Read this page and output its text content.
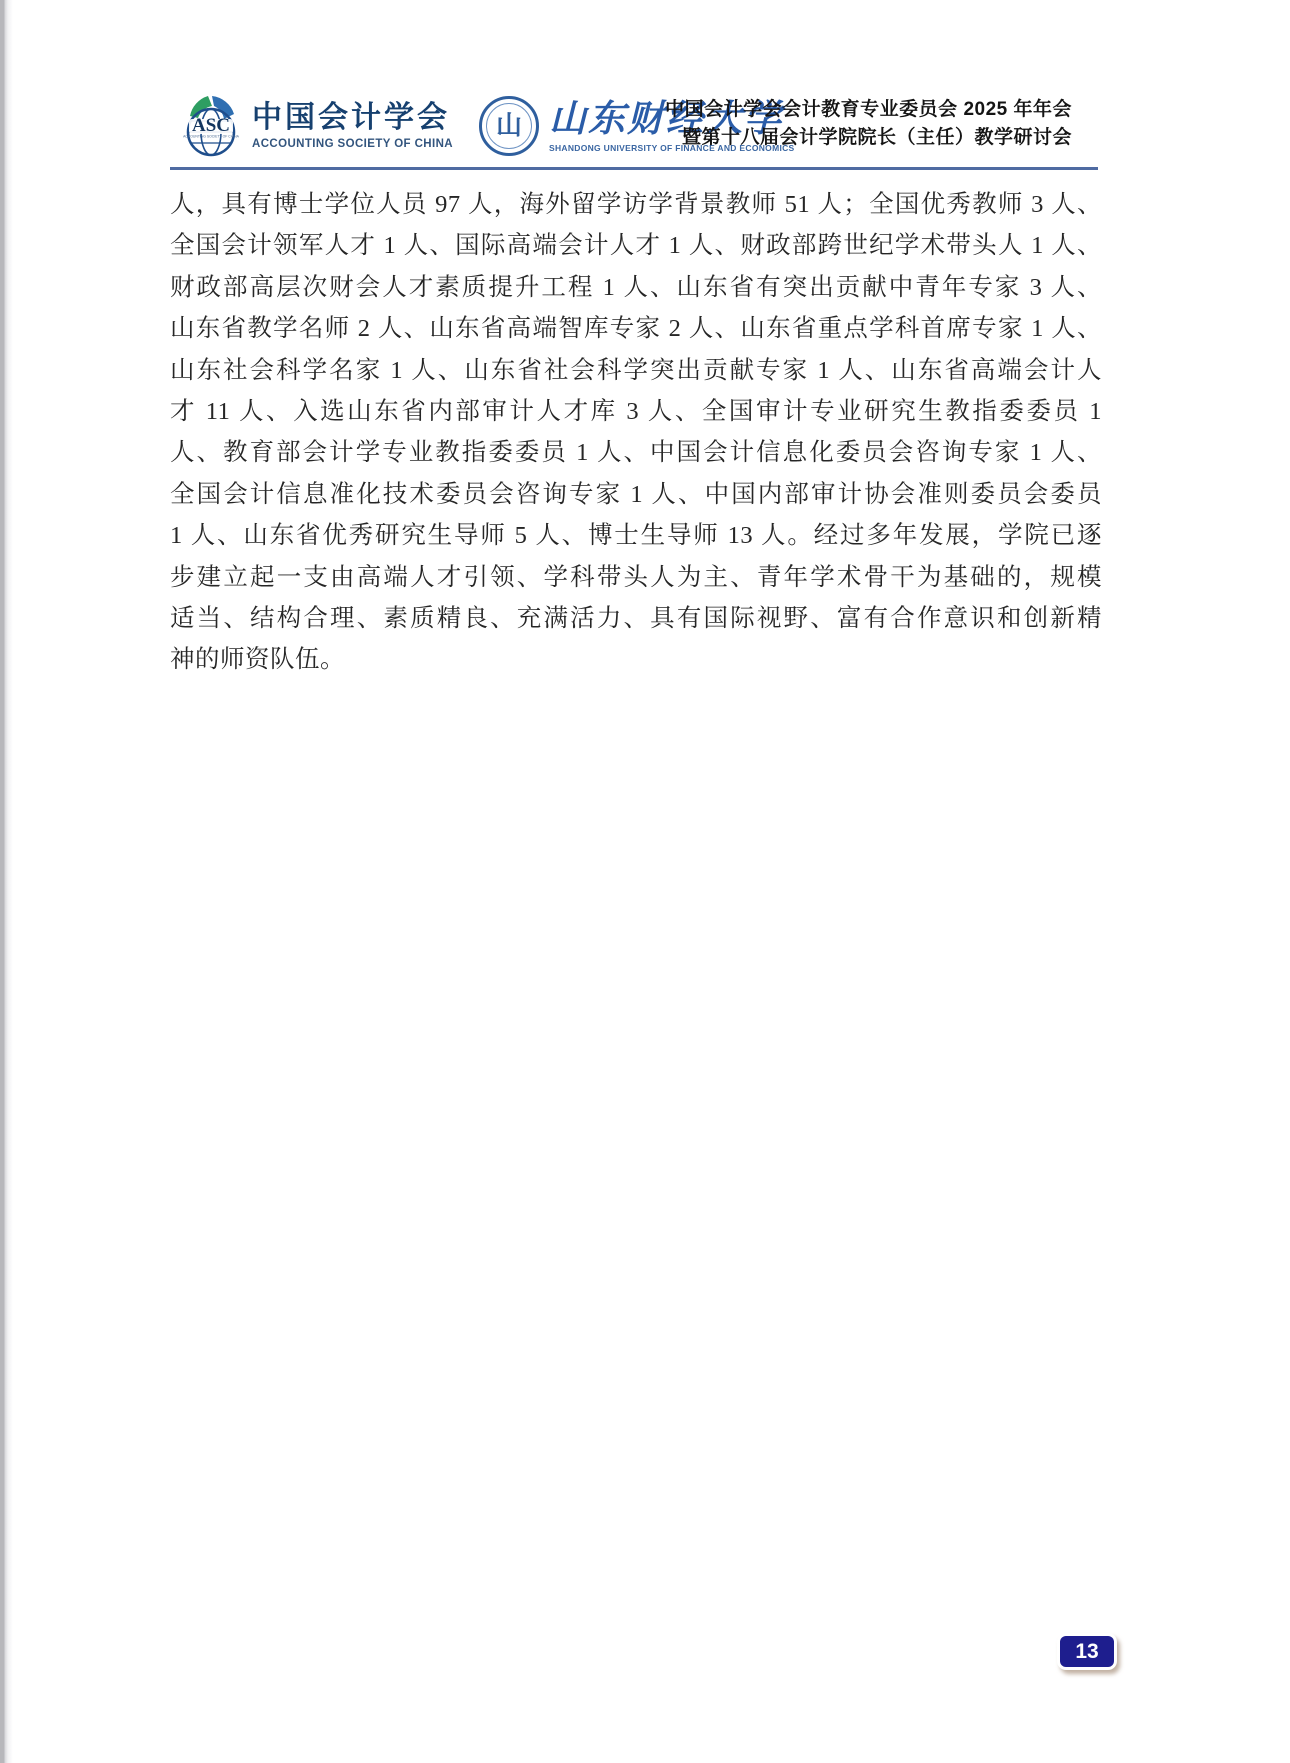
ASC
ACCOUNTING SOCIETY OF CHINA
中国会计学会
ACCOUNTING SOCIETY OF CHINA
山 山东财经大学
SHANDONG UNIVERSITY OF FINANCE AND ECONOMICS
中国会计学会会计教育专业委员会 2025 年年会
暨第十八届会计学院院长（主任）教学研讨会
人，具有博士学位人员 97 人，海外留学访学背景教师 51 人；全国优秀教师 3 人、
全国会计领军人才 1 人、国际高端会计人才 1 人、财政部跨世纪学术带头人 1 人、
财政部高层次财会人才素质提升工程 1 人、山东省有突出贡献中青年专家 3 人、
山东省教学名师 2 人、山东省高端智库专家 2 人、山东省重点学科首席专家 1 人、
山东社会科学名家 1 人、山东省社会科学突出贡献专家 1 人、山东省高端会计人
才 11 人、入选山东省内部审计人才库 3 人、全国审计专业研究生教指委委员 1
人、教育部会计学专业教指委委员 1 人、中国会计信息化委员会咨询专家 1 人、
全国会计信息准化技术委员会咨询专家 1 人、中国内部审计协会准则委员会委员
1 人、山东省优秀研究生导师 5 人、博士生导师 13 人。经过多年发展，学院已逐
步建立起一支由高端人才引领、学科带头人为主、青年学术骨干为基础的，规模
适当、结构合理、素质精良、充满活力、具有国际视野、富有合作意识和创新精
神的师资队伍。
13
